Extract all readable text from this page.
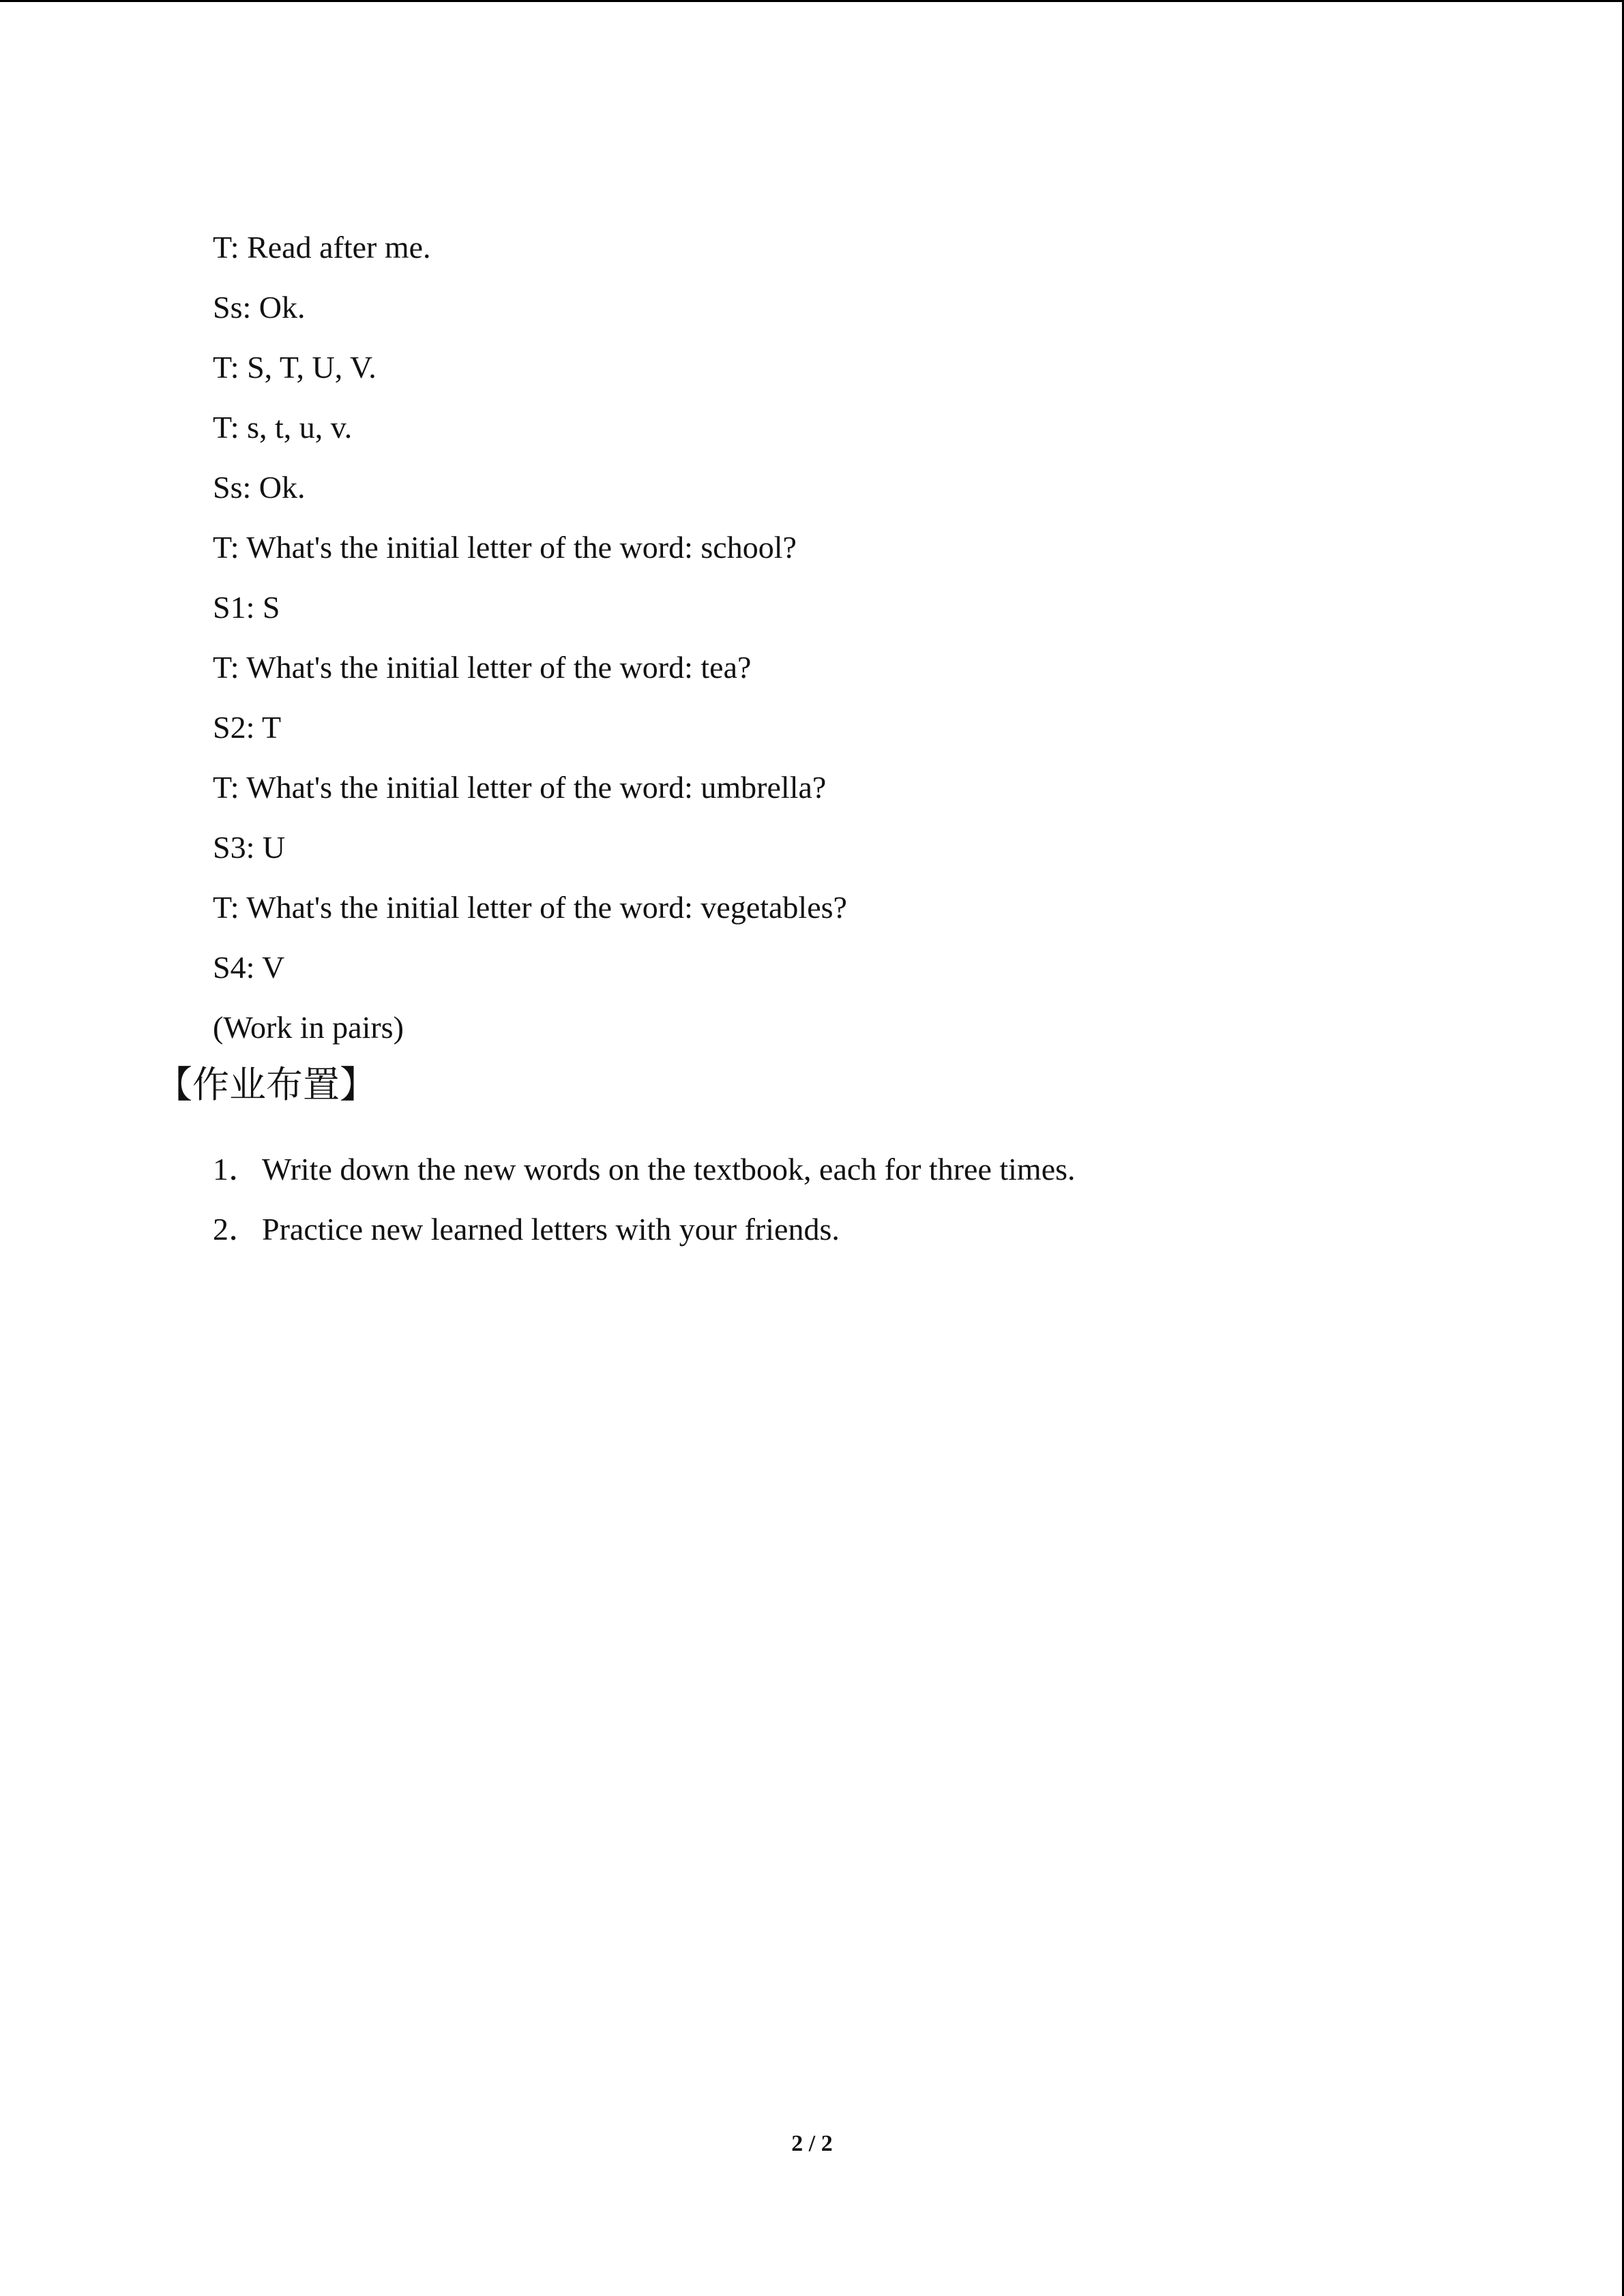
T: Read after me.
Ss: Ok.
T: S, T, U, V.
T: s, t, u, v.
Ss: Ok.
T: What's the initial letter of the word: school?
S1: S
T: What's the initial letter of the word: tea?
S2: T
T: What's the initial letter of the word: umbrella?
S3: U
T: What's the initial letter of the word: vegetables?
S4: V
(Work in pairs)
【作业布置】
1． Write down the new words on the textbook, each for three times.
2． Practice new learned letters with your friends.
2 / 2
